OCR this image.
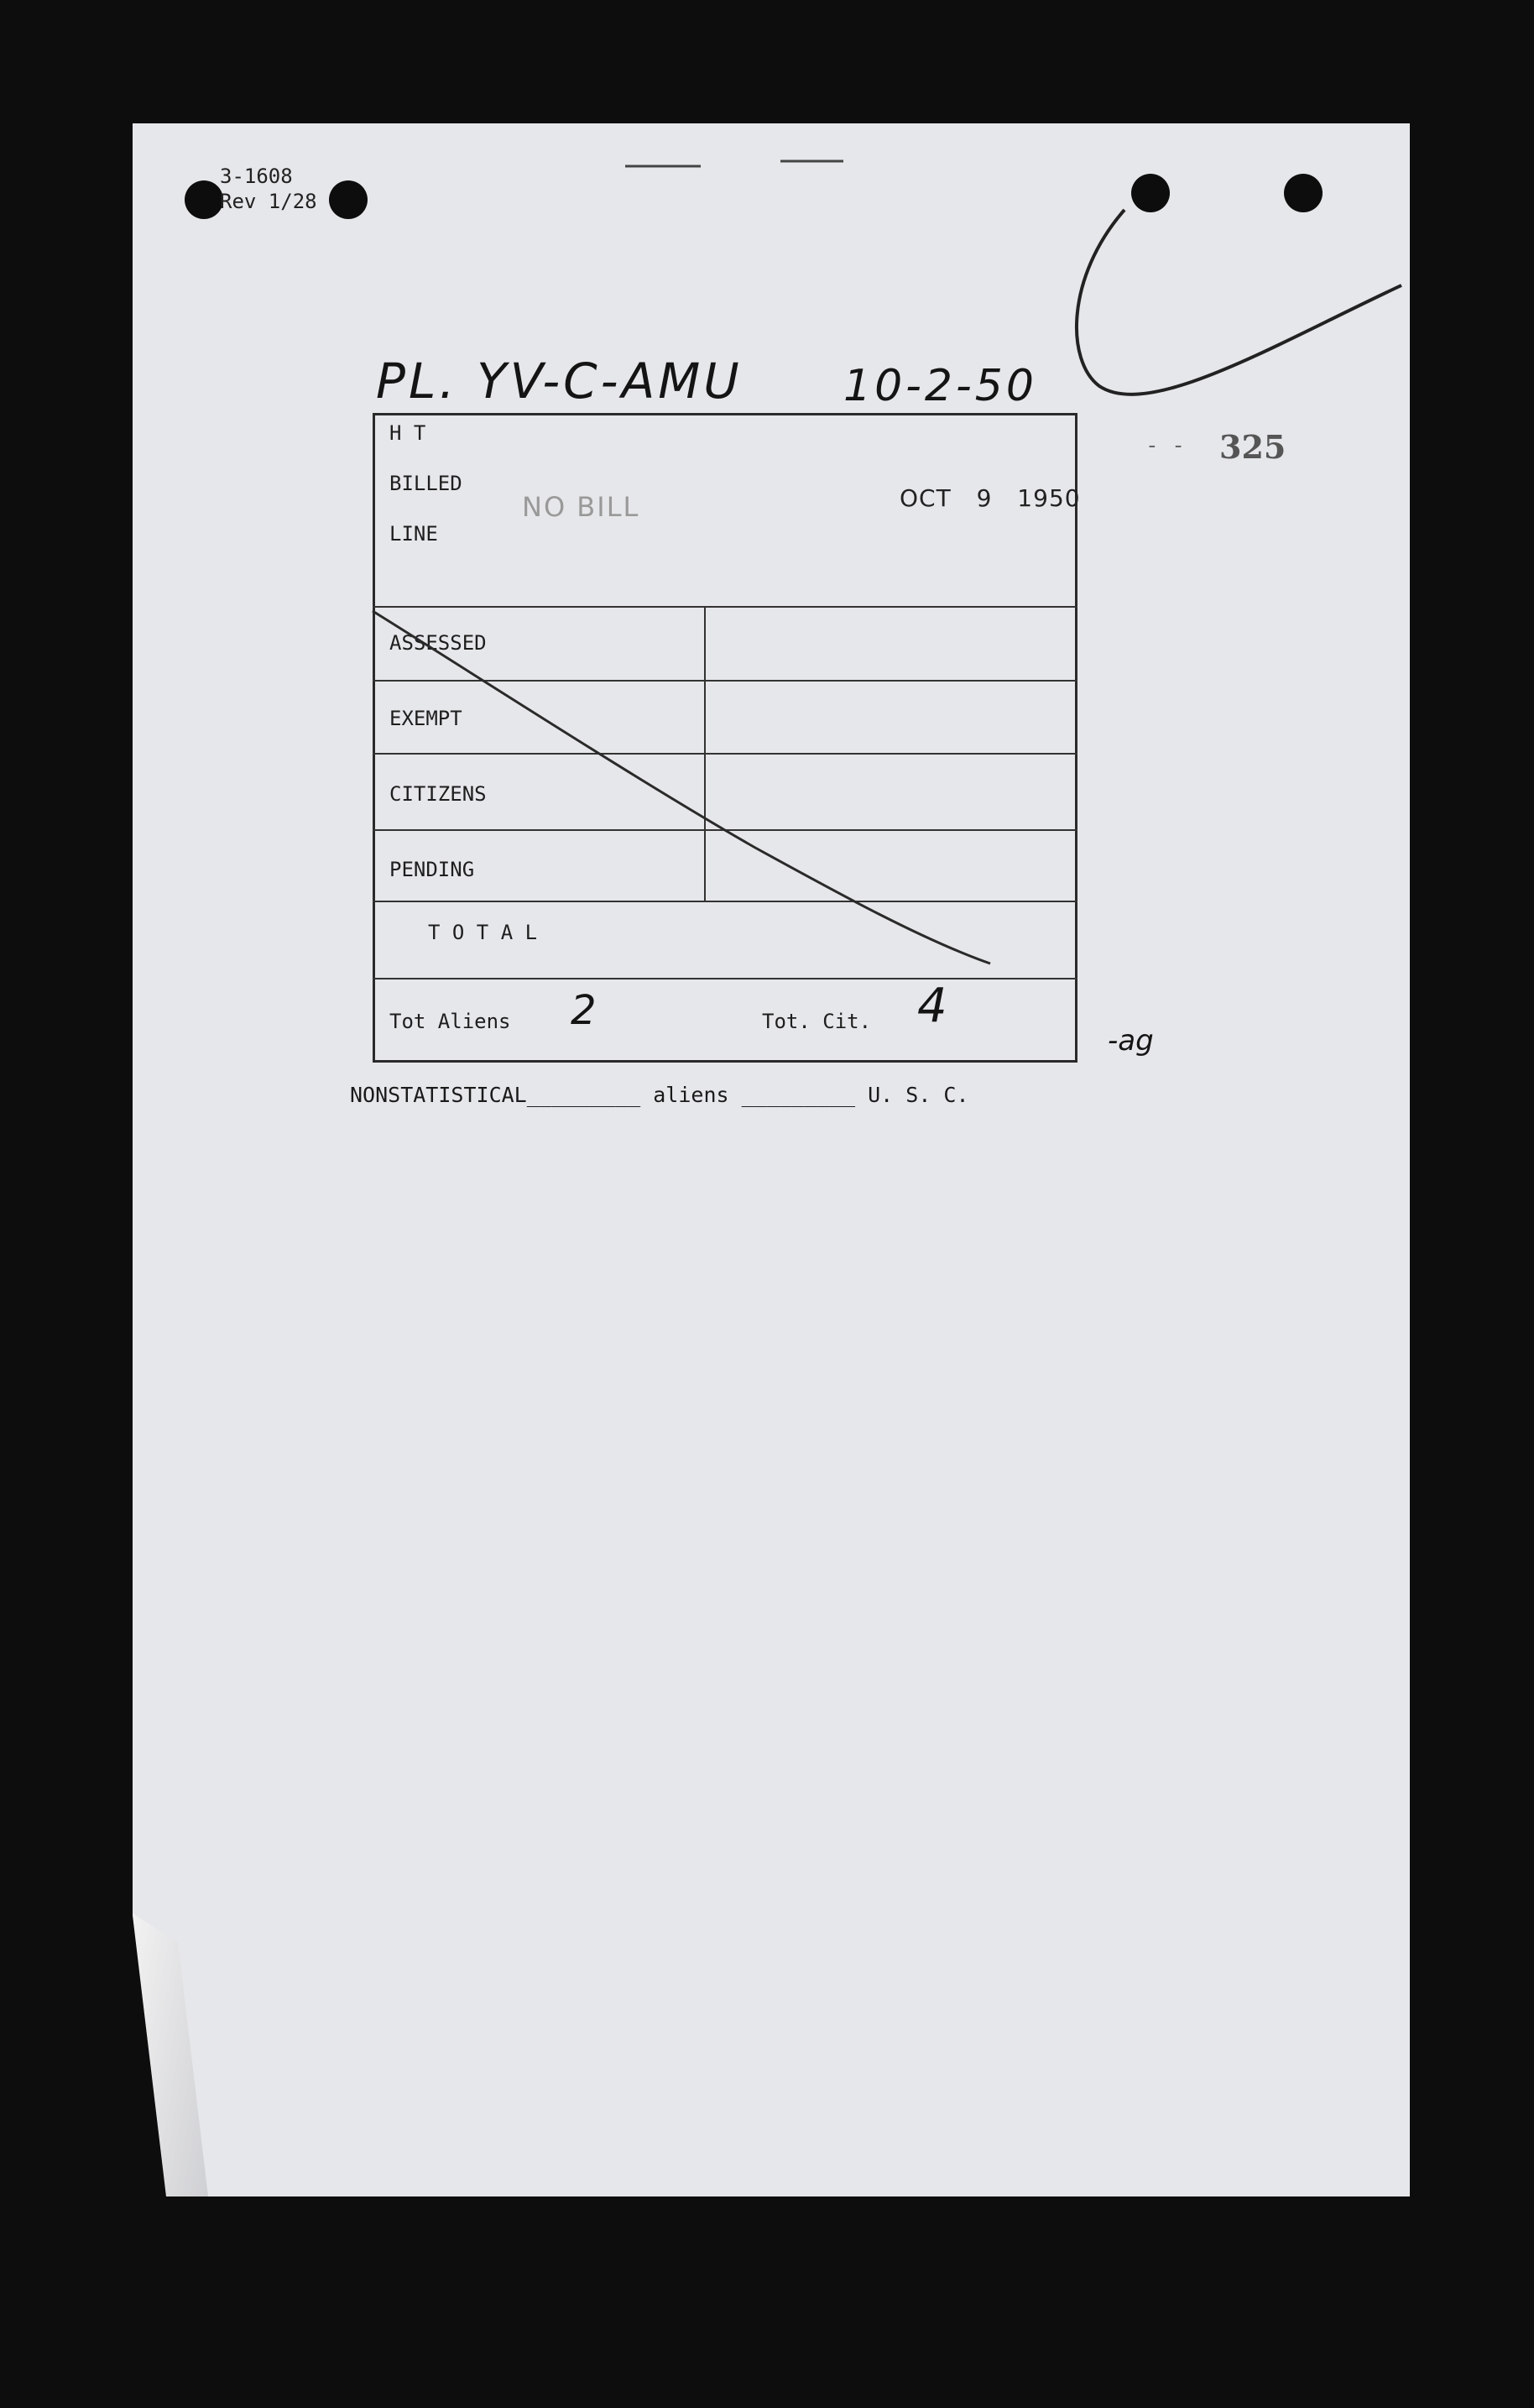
3-1608
Rev 1/28
PL. YV-C-AMU 10-2-50
- - 325
H T
BILLED
LINE
NO BILL	OCT 9 1950
ASSESSED
EXEMPT
CITIZENS
PENDING
T O T A L
Tot Aliens 2	Tot. Cit. 4
-ag
NONSTATISTICAL_________ aliens _________ U. S. C.
